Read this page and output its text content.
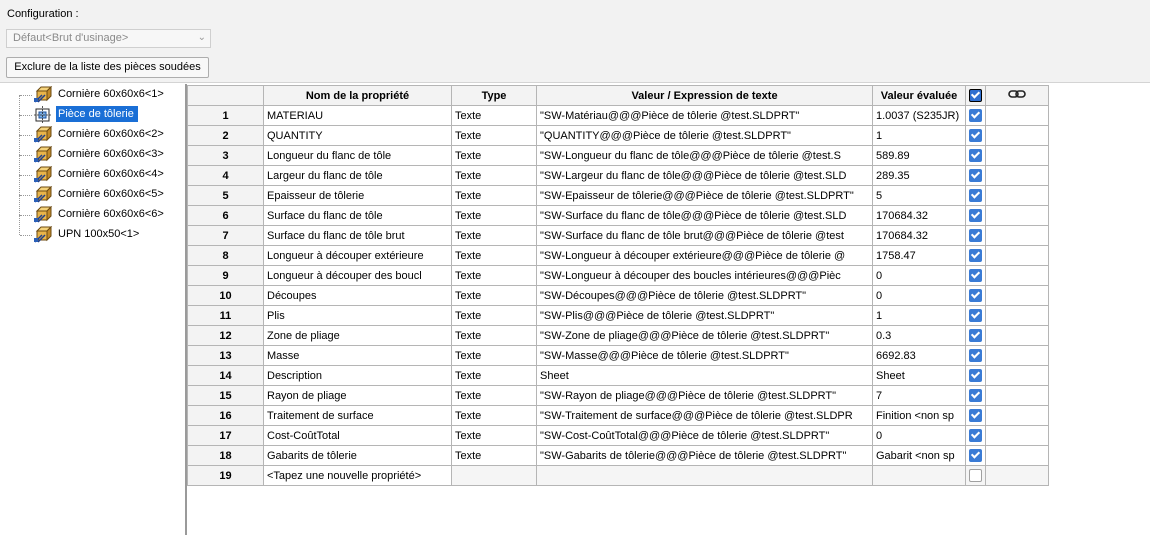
Configuration :
Défaut<Brut d'usinage>	⌄
Exclure de la liste des pièces soudées
Cornière 60x60x6<1>
Pièce de tôlerie
Cornière 60x60x6<2>
Cornière 60x60x6<3>
Cornière 60x60x6<4>
Cornière 60x60x6<5>
Cornière 60x60x6<6>
UPN 100x50<1>
	Nom de la propriété	Type	Valeur / Expression de texte	Valeur évaluée		
1	MATERIAU	Texte	"SW-Matériau@@@Pièce de tôlerie @test.SLDPRT"	1.0037 (S235JR)		
2	QUANTITY	Texte	"QUANTITY@@@Pièce de tôlerie @test.SLDPRT"	1		
3	Longueur du flanc de tôle	Texte	"SW-Longueur du flanc de tôle@@@Pièce de tôlerie @test.S	589.89		
4	Largeur du flanc de tôle	Texte	"SW-Largeur du flanc de tôle@@@Pièce de tôlerie @test.SLD	289.35		
5	Epaisseur de tôlerie	Texte	"SW-Epaisseur de tôlerie@@@Pièce de tôlerie @test.SLDPRT"	5		
6	Surface du flanc de tôle	Texte	"SW-Surface du flanc de tôle@@@Pièce de tôlerie @test.SLD	170684.32		
7	Surface du flanc de tôle brut	Texte	"SW-Surface du flanc de tôle brut@@@Pièce de tôlerie @test	170684.32		
8	Longueur à découper extérieure	Texte	"SW-Longueur à découper extérieure@@@Pièce de tôlerie @	1758.47		
9	Longueur à découper des boucl	Texte	"SW-Longueur à découper des boucles intérieures@@@Pièc	0		
10	Découpes	Texte	"SW-Découpes@@@Pièce de tôlerie @test.SLDPRT"	0		
11	Plis	Texte	"SW-Plis@@@Pièce de tôlerie @test.SLDPRT"	1		
12	Zone de pliage	Texte	"SW-Zone de pliage@@@Pièce de tôlerie @test.SLDPRT"	0.3		
13	Masse	Texte	"SW-Masse@@@Pièce de tôlerie @test.SLDPRT"	6692.83		
14	Description	Texte	Sheet	Sheet		
15	Rayon de pliage	Texte	"SW-Rayon de pliage@@@Pièce de tôlerie @test.SLDPRT"	7		
16	Traitement de surface	Texte	"SW-Traitement de surface@@@Pièce de tôlerie @test.SLDPR	Finition <non sp		
17	Cost-CoûtTotal	Texte	"SW-Cost-CoûtTotal@@@Pièce de tôlerie @test.SLDPRT"	0		
18	Gabarits de tôlerie	Texte	"SW-Gabarits de tôlerie@@@Pièce de tôlerie @test.SLDPRT"	Gabarit <non sp		
19	<Tapez une nouvelle propriété>					
